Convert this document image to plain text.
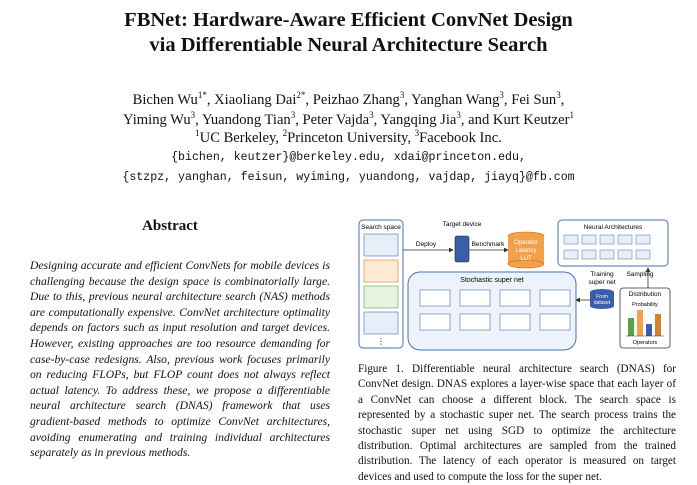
FBNet: Hardware-Aware Efficient ConvNet Design
via Differentiable Neural Architecture Search
Bichen $Wu^{1*}$, Xiaoliang Dai$^{2*}$, Peizhao Zhang$^3$, Yanghan Wang$^3$, Fei Sun$^3$,
Yiming Wu$^3$, Yuandong Tian$^3$, Peter Vajda$^3$, Yangqing Jia$^3$, and Kurt Keutzer$^1$
$^1$UC Berkeley, $^2$Princeton University, $^3$Facebook Inc.
{bichen, keutzer}@berkeley.edu, xdai@princeton.edu,
{stzpz, yanghan, feisun, wyiming, yuandong, vajdap, jiayq}@fb.com
Abstract

Designing accurate and efficient ConvNets for mobile devices is challenging because the design space is combinatorially large. Due to this, previous neural architecture search (NAS) methods are computationally expensive. ConvNet architecture optimality depends on factors such as input resolution and target devices. However, existing approaches are too resource demanding for case-by-case redesigns. Also, previous work focuses primarily on reducing FLOPs, but FLOP count does not always reflect actual latency. To address these, we propose a differentiable neural architecture search (DNAS) framework that uses gradient-based methods to optimize ConvNet architectures, avoiding enumerating and training individual architectures separately as in previous methods.

Search space
⋮
Deploy
Target device
Benchmark Operator
Latency
LUT
Neural Architectures
Sampling
Stochastic super net
Training
super net
From
dataset
Distribution
Probability
Operators
Figure 1. Differentiable neural architecture search (DNAS) for ConvNet design. DNAS explores a layer-wise space that each layer of a ConvNet can choose a different block. The search space is represented by a stochastic super net. The search process trains the stochastic super net using SGD to optimize the architecture distribution. Optimal architectures are sampled from the trained distribution. The latency of each operator is measured on target devices and used to compute the loss for the super net.
